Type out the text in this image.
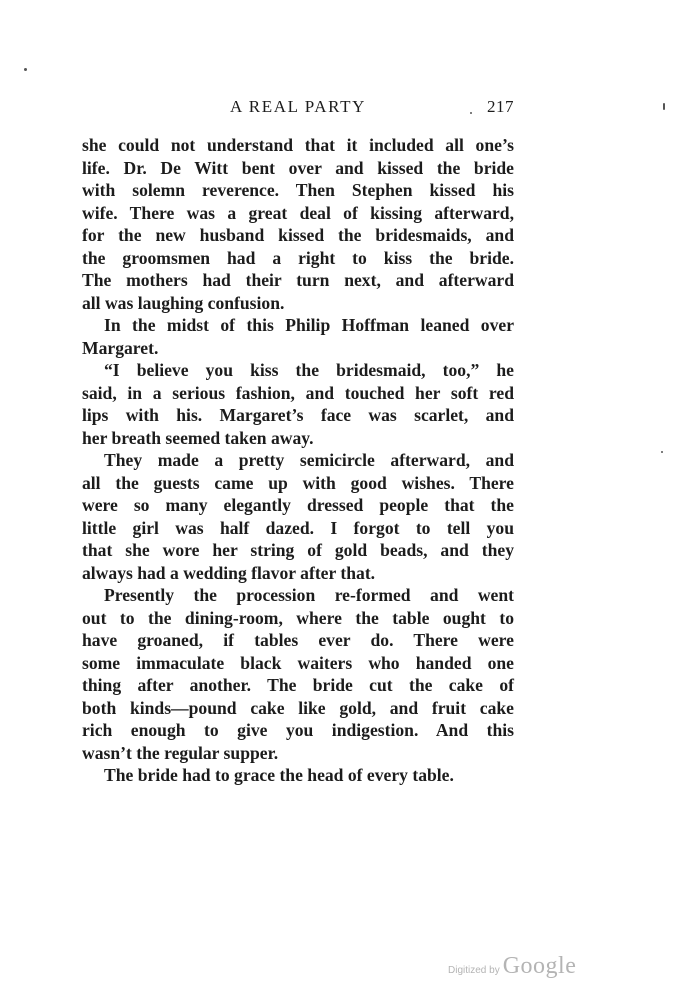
A REAL PARTY	217
she could not understand that it included all one’s
life. Dr. De Witt bent over and kissed the bride
with solemn reverence. Then Stephen kissed his
wife. There was a great deal of kissing afterward,
for the new husband kissed the bridesmaids, and
the groomsmen had a right to kiss the bride.
The mothers had their turn next, and afterward
all was laughing confusion.
In the midst of this Philip Hoffman leaned over
Margaret.
“I believe you kiss the bridesmaid, too,” he
said, in a serious fashion, and touched her soft red
lips with his. Margaret’s face was scarlet, and
her breath seemed taken away.
They made a pretty semicircle afterward, and
all the guests came up with good wishes. There
were so many elegantly dressed people that the
little girl was half dazed. I forgot to tell you
that she wore her string of gold beads, and they
always had a wedding flavor after that.
Presently the procession re-formed and went
out to the dining-room, where the table ought to
have groaned, if tables ever do. There were
some immaculate black waiters who handed one
thing after another. The bride cut the cake of
both kinds—pound cake like gold, and fruit cake
rich enough to give you indigestion. And this
wasn’t the regular supper.
The bride had to grace the head of every table.
Digitized by Google
